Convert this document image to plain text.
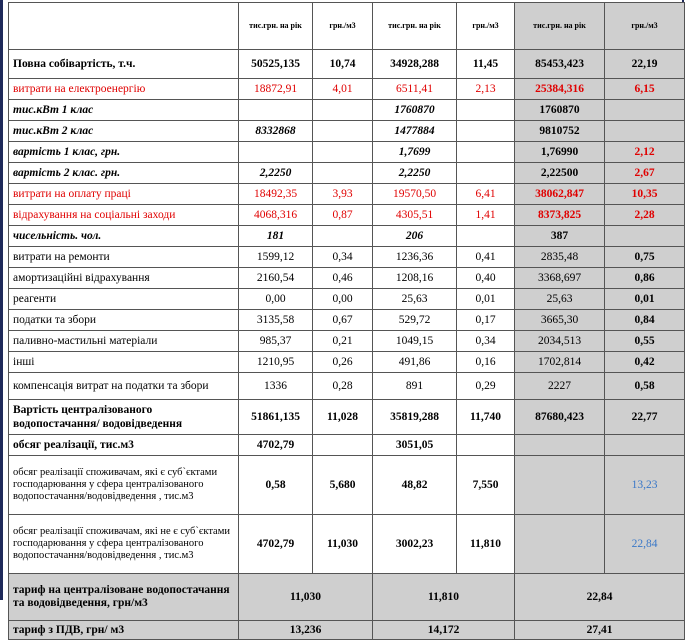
	тис.грн. на рік	грн./м3	тис.грн. на рік	грн./м3	тис.грн. на рік	грн./м3
Повна собівартість, т.ч.	50525,135	10,74	34928,288	11,45	85453,423	22,19
витрати на електроенергію	18872,91	4,01	6511,41	2,13	25384,316	6,15
тис.кВт 1 клас			1760870		1760870	
тис.кВт 2 клас	8332868		1477884		9810752	
вартість 1 клас, грн.			1,7699		1,76990	2,12
вартість 2 клас. грн.	2,2250		2,2250		2,22500	2,67
витрати на оплату праці	18492,35	3,93	19570,50	6,41	38062,847	10,35
відрахування на соціальні заходи	4068,316	0,87	4305,51	1,41	8373,825	2,28
чисельність. чол.	181		206		387	
витрати на ремонти	1599,12	0,34	1236,36	0,41	2835,48	0,75
амортизаційні відрахування	2160,54	0,46	1208,16	0,40	3368,697	0,86
реагенти	0,00	0,00	25,63	0,01	25,63	0,01
податки та збори	3135,58	0,67	529,72	0,17	3665,30	0,84
паливно-мастильні матеріали	985,37	0,21	1049,15	0,34	2034,513	0,55
інші	1210,95	0,26	491,86	0,16	1702,814	0,42
компенсація витрат на податки та збори	1336	0,28	891	0,29	2227	0,58
Вартість централізованого водопостачання/ водовідведення	51861,135	11,028	35819,288	11,740	87680,423	22,77
обсяг реалізації, тис.м3	4702,79		3051,05			
обсяг реалізації споживачам, які є суб`єктами господарювання у сфера централізованого водопостачання/водовідведення , тис.м3	0,58	5,680	48,82	7,550		13,23
обсяг реалізації споживачам, які не є суб`єктами господарювання у сфера централізованого водопостачання/водовідведення , тис.м3	4702,79	11,030	3002,23	11,810		22,84
тариф на централізоване водопостачання та водовідведення, грн/м3	11,030		11,810		22,84	
тариф з ПДВ, грн/ м3	13,236		14,172		27,41	
